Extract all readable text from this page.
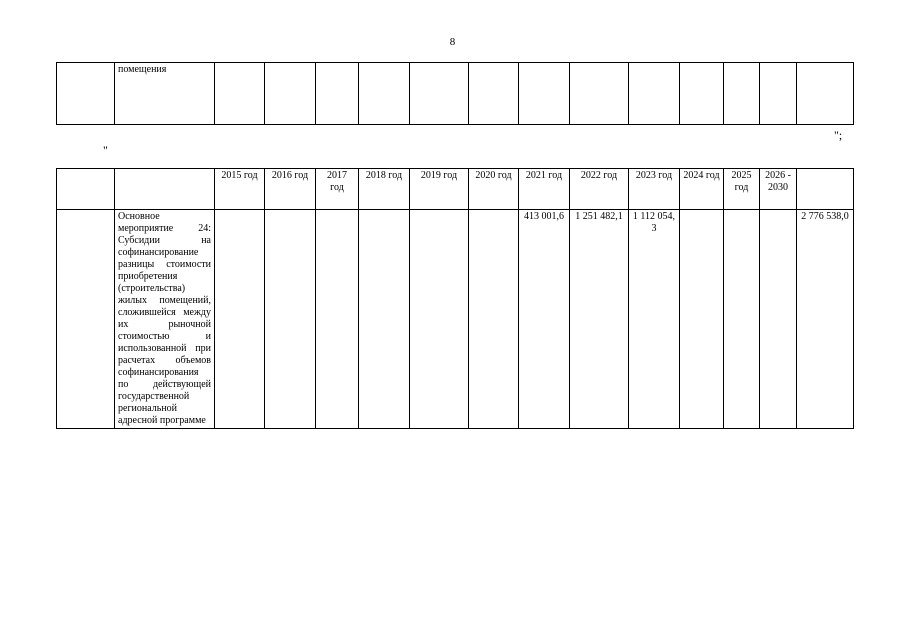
8
	помещения													
";
"
		2015 год	2016 год	2017 год	2018 год	2019 год	2020 год	2021 год	2022 год	2023 год	2024 год	2025 год	2026 - 2030	
	Основное мероприятие 24: Субсидии на софинансирование разницы стоимости приобретения (строительства) жилых помещений, сложившейся между их рыночной стоимостью и использованной при расчетах объемов софинансирования по действующей государственной региональной адресной программе							413 001,6	1 251 482,1	1 112 054,3				2 776 538,0
